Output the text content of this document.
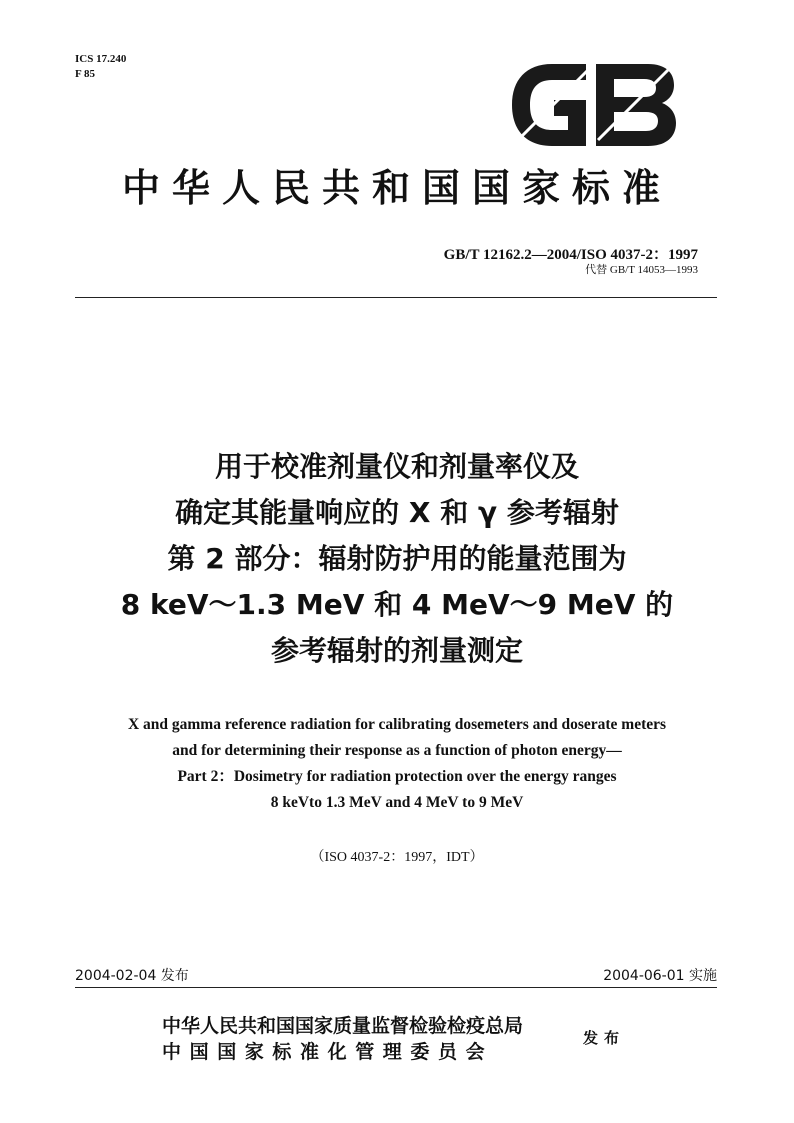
ICS 17.240
F 85
中华人民共和国国家标准
GB/T 12162.2—2004/ISO 4037-2：1997
代替 GB/T 14053—1993
用于校准剂量仪和剂量率仪及
确定其能量响应的 X 和 γ 参考辐射
第 2 部分：辐射防护用的能量范围为
8 keV～1.3 MeV 和 4 MeV～9 MeV 的
参考辐射的剂量测定
X and gamma reference radiation for calibrating dosemeters and doserate meters
and for determining their response as a function of photon energy—
Part 2：Dosimetry for radiation protection over the energy ranges
8 keVto 1.3 MeV and 4 MeV to 9 MeV
（ISO 4037-2：1997，IDT）
2004-02-04 发布	2004-06-01 实施
中华人民共和国国家质量监督检验检疫总局
中国国家标准化管理委员会
发布
